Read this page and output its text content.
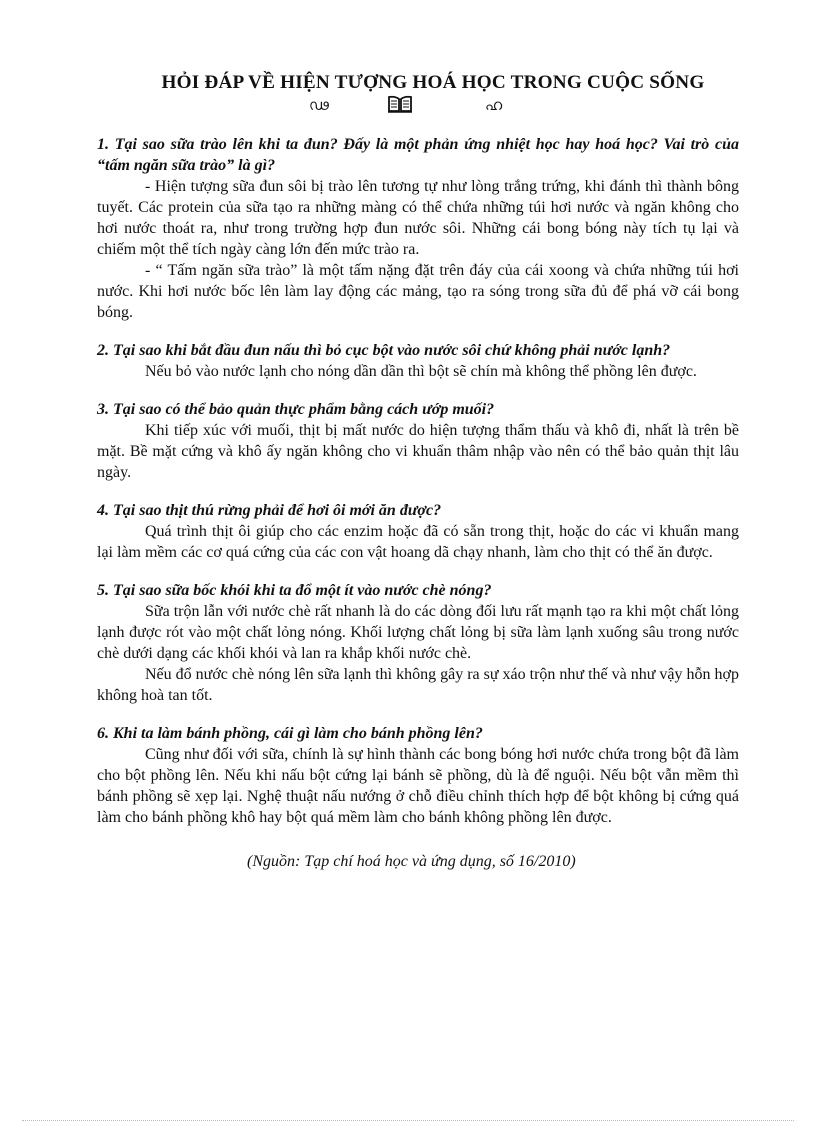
HỎI ĐÁP VỀ HIỆN TƯỢNG HOÁ HỌC TRONG CUỘC SỐNG
ഢ	ഹ

1. Tại sao sữa trào lên khi ta đun? Đấy là một phản ứng nhiệt học hay hoá học? Vai trò của “tấm ngăn sữa trào” là gì?

- Hiện tượng sữa đun sôi bị trào lên tương tự như lòng trắng trứng, khi đánh thì thành bông tuyết. Các protein của sữa tạo ra những màng có thể chứa những túi hơi nước và ngăn không cho hơi nước thoát ra, như trong trường hợp đun nước sôi. Những cái bong bóng này tích tụ lại và chiếm một thể tích ngày càng lớn đến mức trào ra.

- “ Tấm ngăn sữa trào” là một tấm nặng đặt trên đáy của cái xoong và chứa những túi hơi nước. Khi hơi nước bốc lên làm lay động các mảng, tạo ra sóng trong sữa đủ để phá vỡ cái bong bóng.

2. Tại sao khi bắt đầu đun nấu thì bỏ cục bột vào nước sôi chứ không phải nước lạnh?

Nếu bỏ vào nước lạnh cho nóng dần dần thì bột sẽ chín mà không thể phồng lên được.

3. Tại sao có thể bảo quản thực phẩm bằng cách ướp muối?

Khi tiếp xúc với muối, thịt bị mất nước do hiện tượng thẩm thấu và khô đi, nhất là trên bề mặt. Bề mặt cứng và khô ấy ngăn không cho vi khuẩn thâm nhập vào nên có thể bảo quản thịt lâu ngày.

4. Tại sao thịt thú rừng phải để hơi ôi mới ăn được?

Quá trình thịt ôi giúp cho các enzim hoặc đã có sẵn trong thịt, hoặc do các vi khuẩn mang lại làm mềm các cơ quá cứng của các con vật hoang dã chạy nhanh, làm cho thịt có thể ăn được.

5. Tại sao sữa bốc khói khi ta đổ một ít vào nước chè nóng?

Sữa trộn lẫn với nước chè rất nhanh là do các dòng đối lưu rất mạnh tạo ra khi một chất lỏng lạnh được rót vào một chất lỏng nóng. Khối lượng chất lỏng bị sữa làm lạnh xuống sâu trong nước chè dưới dạng các khối khói và lan ra khắp khối nước chè.

Nếu đổ nước chè nóng lên sữa lạnh thì không gây ra sự xáo trộn như thế và như vậy hỗn hợp không hoà tan tốt.

6. Khi ta làm bánh phồng, cái gì làm cho bánh phồng lên?

Cũng như đối với sữa, chính là sự hình thành các bong bóng hơi nước chứa trong bột đã làm cho bột phồng lên. Nếu khi nấu bột cứng lại bánh sẽ phồng, dù là để nguội. Nếu bột vẫn mềm thì bánh phồng sẽ xẹp lại. Nghệ thuật nấu nướng ở chỗ điều chỉnh thích hợp để bột không bị cứng quá làm cho bánh phồng khô hay bột quá mềm làm cho bánh không phồng lên được.

(Nguồn: Tạp chí hoá học và ứng dụng, số 16/2010)
